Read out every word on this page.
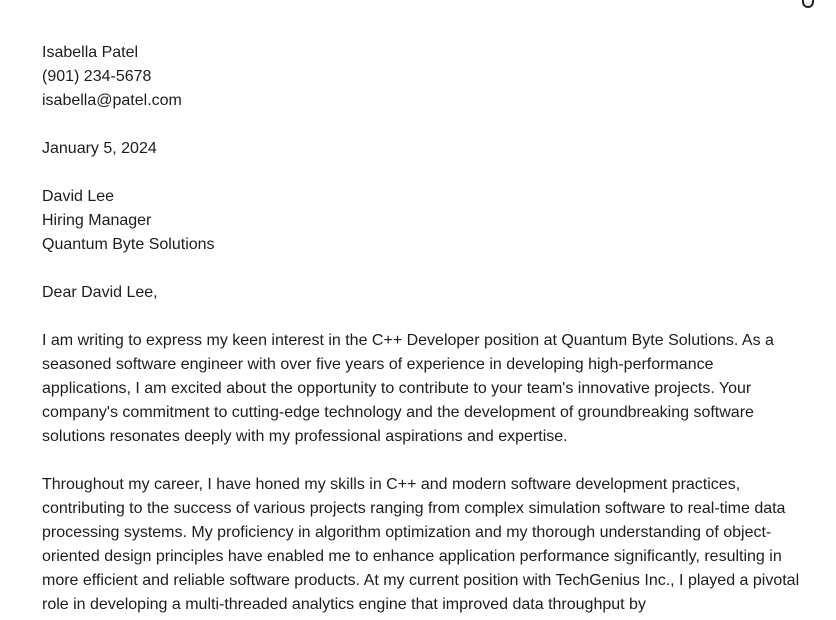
Isabella Patel
(901) 234-5678
isabella@patel.com
January 5, 2024
David Lee
Hiring Manager
Quantum Byte Solutions
Dear David Lee,

I am writing to express my keen interest in the C++ Developer position at Quantum Byte Solutions. As a seasoned software engineer with over five years of experience in developing high-performance applications, I am excited about the opportunity to contribute to your team's innovative projects. Your company's commitment to cutting-edge technology and the development of groundbreaking software solutions resonates deeply with my professional aspirations and expertise.

Throughout my career, I have honed my skills in C++ and modern software development practices, contributing to the success of various projects ranging from complex simulation software to real-time data processing systems. My proficiency in algorithm optimization and my thorough understanding of object-oriented design principles have enabled me to enhance application performance significantly, resulting in more efficient and reliable software products. At my current position with TechGenius Inc., I played a pivotal role in developing a multi-threaded analytics engine that improved data throughput by
